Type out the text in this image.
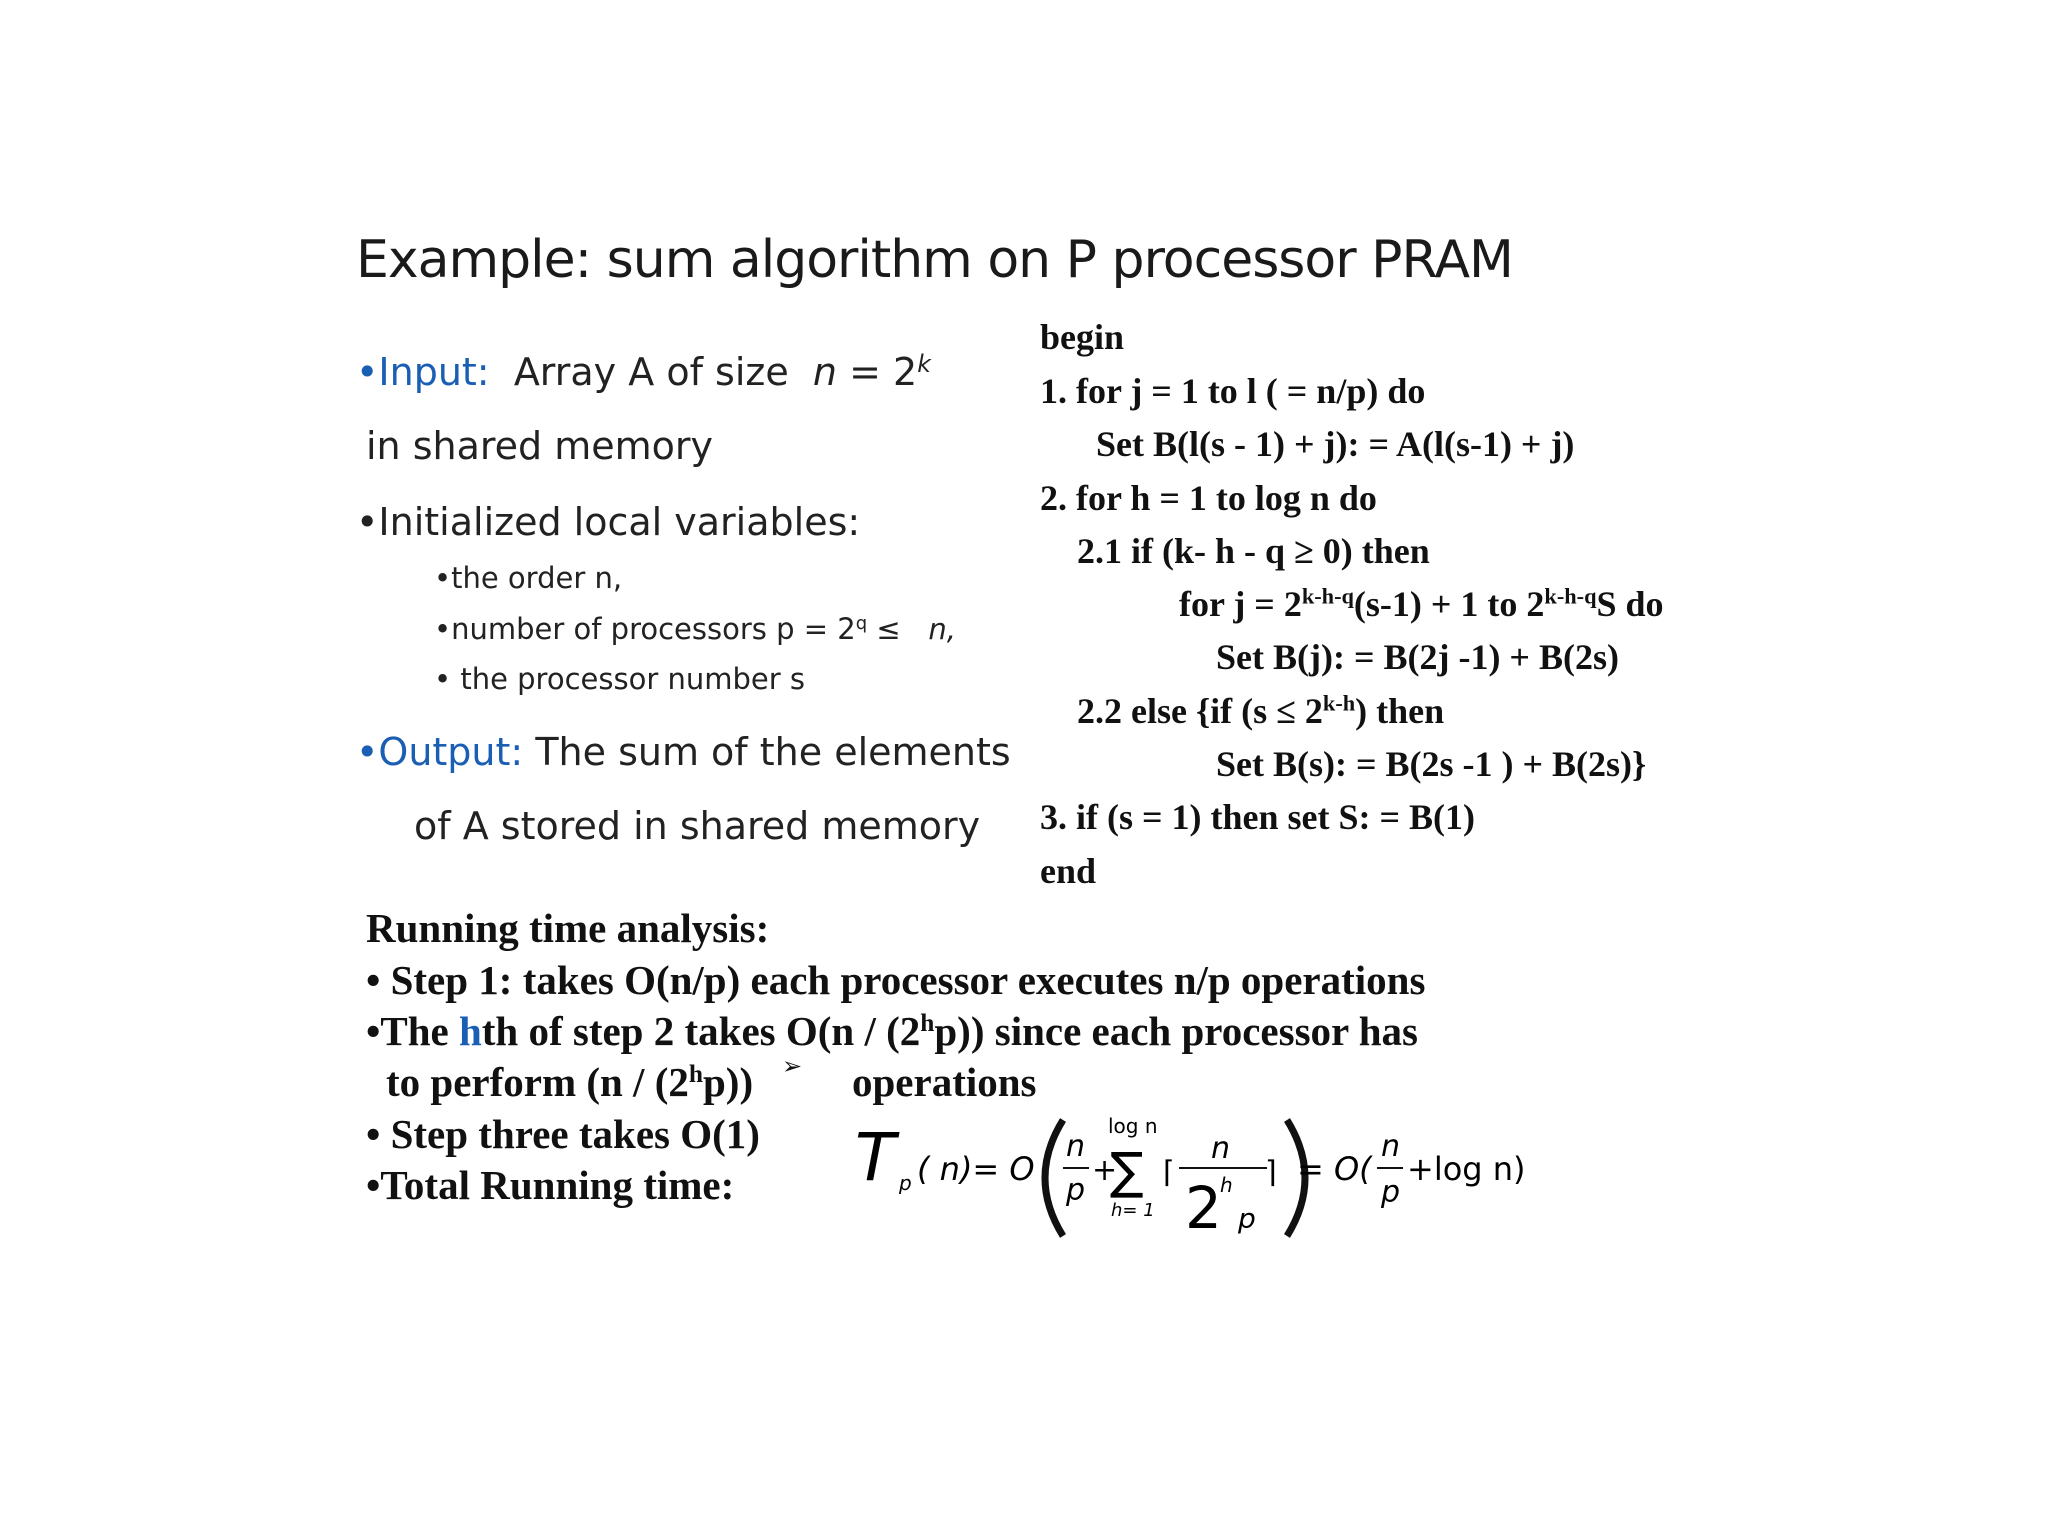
Example: sum algorithm on P processor PRAM
•Input: Array A of size $n = 2^k$
in shared memory
•Initialized local variables:
•the order n,
•number of processors $p = 2^q \le n$,
• the processor number s
•Output: The sum of the elements
of A stored in shared memory
begin
1. for j = 1 to l ( = n/p) do
Set B(l(s - 1) + j): = A(l(s-1) + j)
2. for h = 1 to log n do
2.1 if (k- h - q ≥ 0) then
for $j = 2^{k-h-q}(s-1) + 1$ to 2$^{k-h-q}$S do
Set B(j): = B(2j -1) + B(2s)
2.2 else {if $(s \le 2^{k-h})$ then
Set B(s): = B(2s -1 ) + B(2s)}
3. if (s = 1) then set S: = B(1)
end
Running time analysis:
• Step 1: takes O(n/p) each processor executes n/p operations
•The hth of step 2 takes O(n / (2$^h$p)) since each processor has
to perform (n / (2$^h$p)) ➢ operations
• Step three takes O(1)
•Total Running time: T p ( n)= O
n
p
+
log n
∑
h= 1
⌈
n
2
h
p
⌉ = O(
n
p
+log n)
